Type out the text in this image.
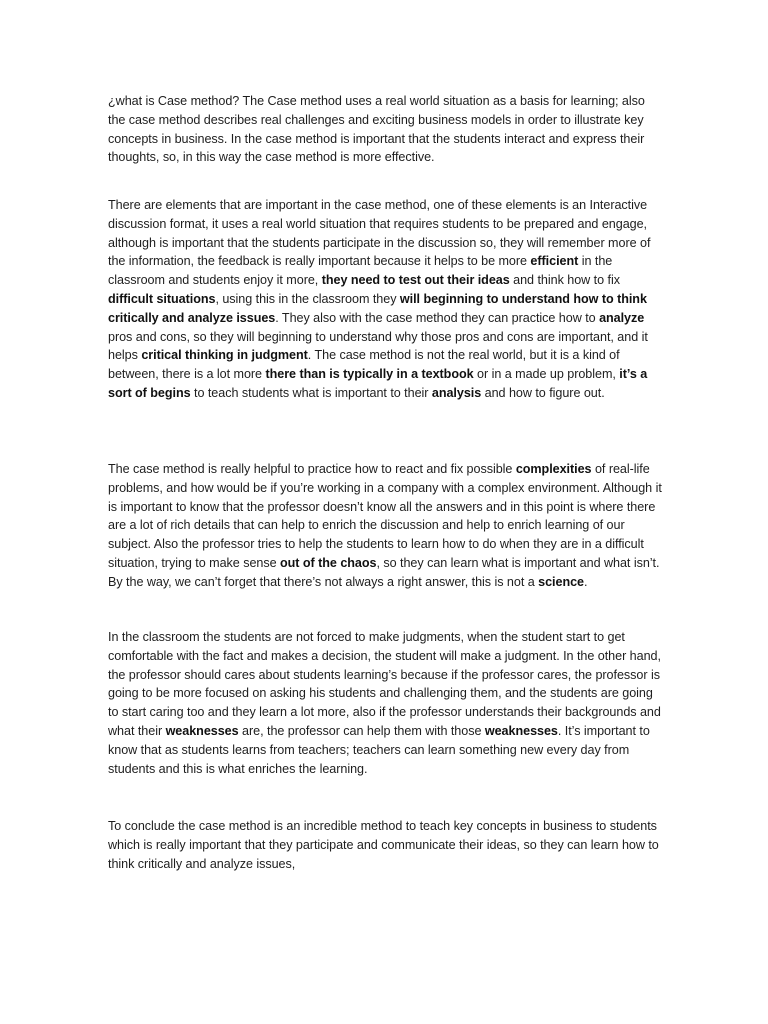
¿what is Case method? The Case method uses a real world situation as a basis for learning; also the case method describes real challenges and exciting business models in order to illustrate key concepts in business. In the case method is important that the students interact and express their thoughts, so, in this way the case method is more effective.

There are elements that are important in the case method, one of these elements is an Interactive discussion format, it uses a real world situation that requires students to be prepared and engage, although is important that the students participate in the discussion so, they will remember more of the information, the feedback is really important because it helps to be more efficient in the classroom and students enjoy it more, they need to test out their ideas and think how to fix difficult situations, using this in the classroom they will beginning to understand how to think critically and analyze issues. They also with the case method they can practice how to analyze pros and cons, so they will beginning to understand why those pros and cons are important, and it helps critical thinking in judgment. The case method is not the real world, but it is a kind of between, there is a lot more there than is typically in a textbook or in a made up problem, it’s a sort of begins to teach students what is important to their analysis and how to figure out.

The case method is really helpful to practice how to react and fix possible complexities of real-life problems, and how would be if you’re working in a company with a complex environment. Although it is important to know that the professor doesn’t know all the answers and in this point is where there are a lot of rich details that can help to enrich the discussion and help to enrich learning of our subject. Also the professor tries to help the students to learn how to do when they are in a difficult situation, trying to make sense out of the chaos, so they can learn what is important and what isn’t. By the way, we can’t forget that there’s not always a right answer, this is not a science.

In the classroom the students are not forced to make judgments, when the student start to get comfortable with the fact and makes a decision, the student will make a judgment. In the other hand, the professor should cares about students learning’s because if the professor cares, the professor is going to be more focused on asking his students and challenging them, and the students are going to start caring too and they learn a lot more, also if the professor understands their backgrounds and what their weaknesses are, the professor can help them with those weaknesses. It’s important to know that as students learns from teachers; teachers can learn something new every day from students and this is what enriches the learning.

To conclude the case method is an incredible method to teach key concepts in business to students which is really important that they participate and communicate their ideas, so they can learn how to think critically and analyze issues,
